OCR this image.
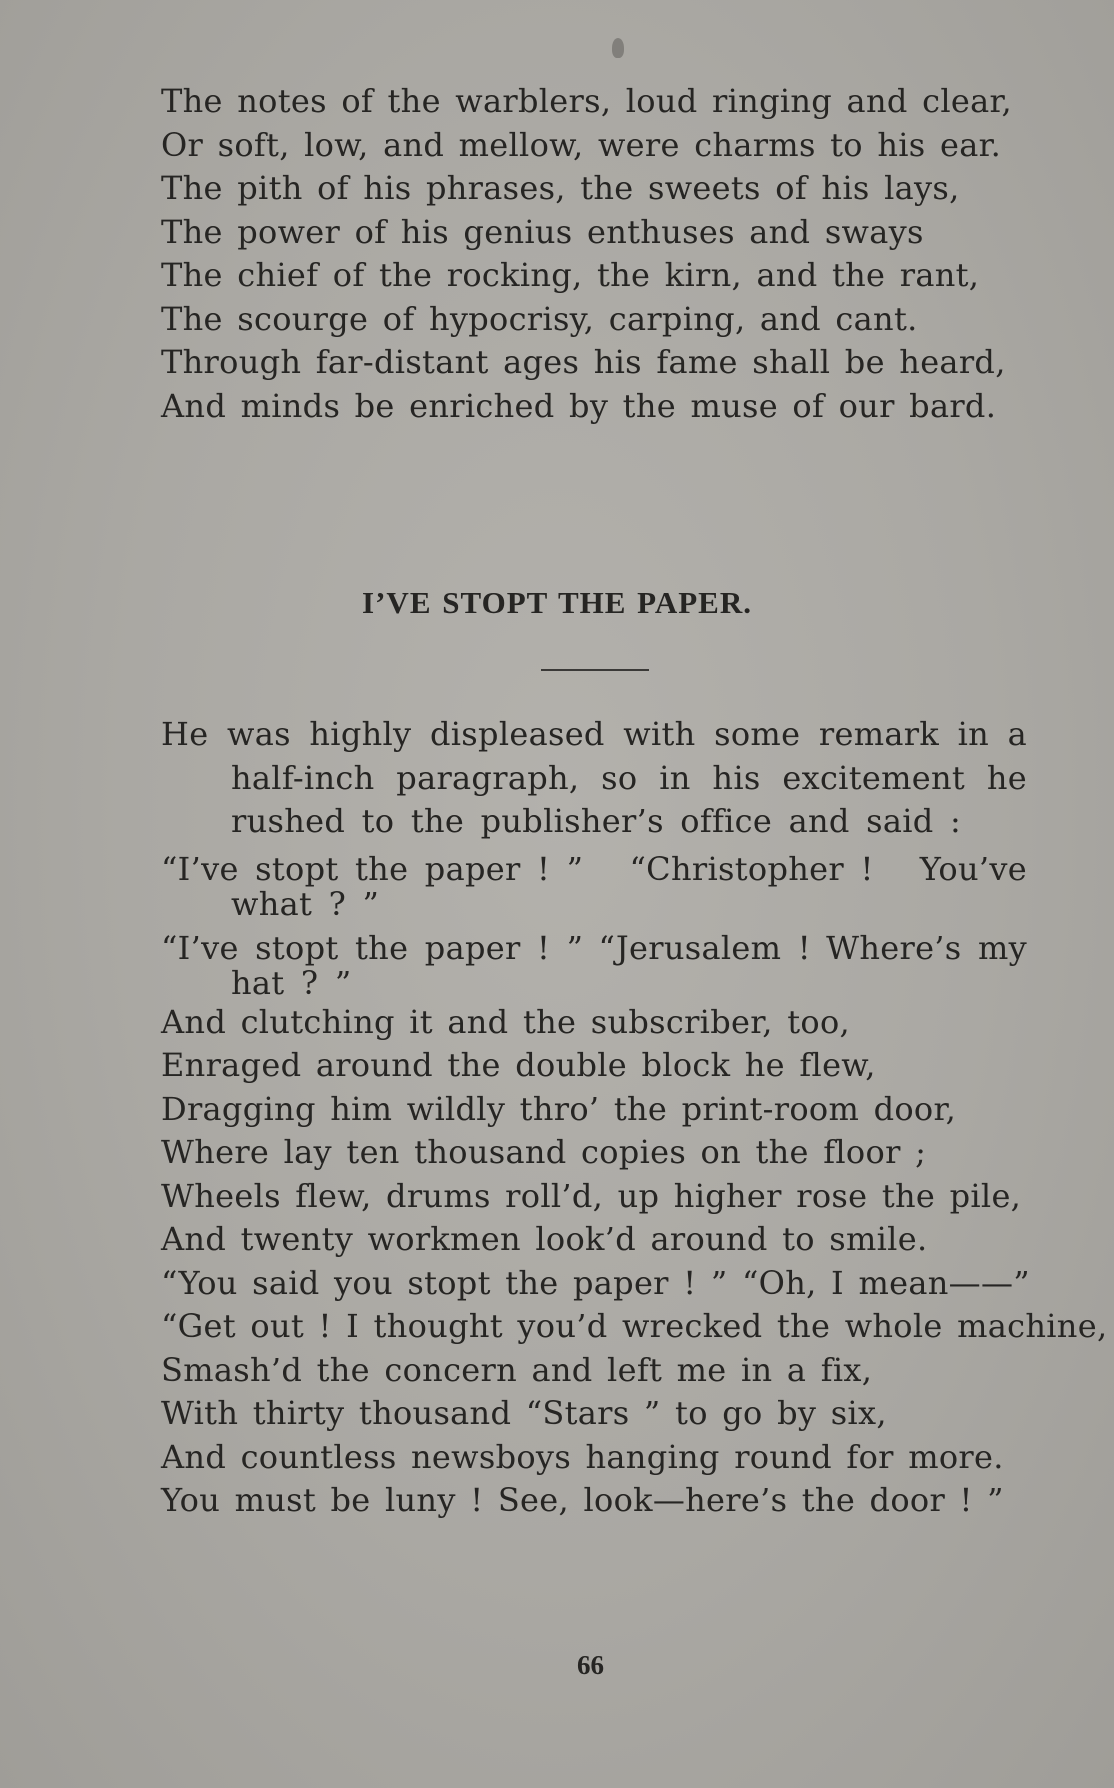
The notes of the warblers, loud ringing and clear,
Or soft, low, and mellow, were charms to his ear.
The pith of his phrases, the sweets of his lays,
The power of his genius enthuses and sways
The chief of the rocking, the kirn, and the rant,
The scourge of hypocrisy, carping, and cant.
Through far-distant ages his fame shall be heard,
And minds be enriched by the muse of our bard.
I’VE STOPT THE PAPER.
He was highly displeased with some remark in a half-inch paragraph, so in his excitement he rushed to the publisher’s office and said :
“I’ve stopt the paper ! ” “Christopher ! You’ve
what ? ”
“I’ve stopt the paper ! ” “Jerusalem ! Where’s my
hat ? ”
And clutching it and the subscriber, too,
Enraged around the double block he flew,
Dragging him wildly thro’ the print-room door,
Where lay ten thousand copies on the floor ;
Wheels flew, drums roll’d, up higher rose the pile,
And twenty workmen look’d around to smile.
“You said you stopt the paper ! ” “Oh, I mean——”
“Get out ! I thought you’d wrecked the whole machine,
Smash’d the concern and left me in a fix,
With thirty thousand “Stars ” to go by six,
And countless newsboys hanging round for more.
You must be luny ! See, look—here’s the door ! ”
66
